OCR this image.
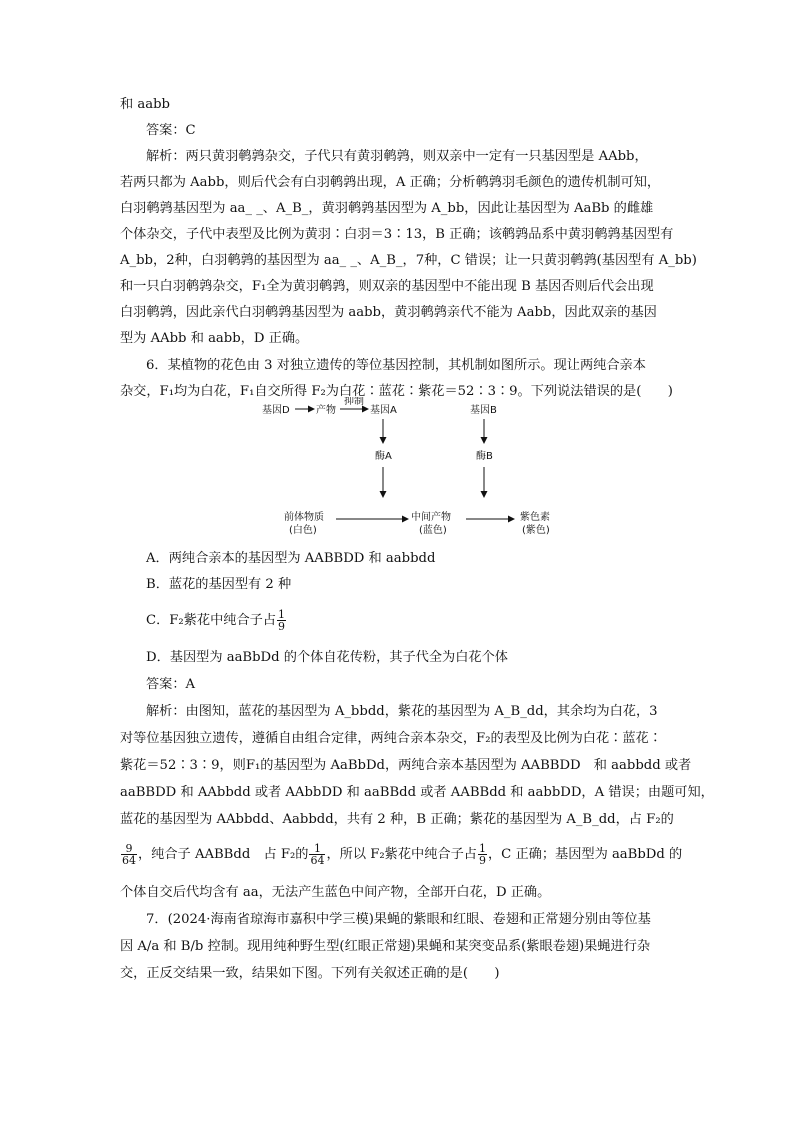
和 aabb
答案：C
解析：两只黄羽鹌鹑杂交，子代只有黄羽鹌鹑，则双亲中一定有一只基因型是 AAbb，
若两只都为 Aabb，则后代会有白羽鹌鹑出现，A 正确；分析鹌鹑羽毛颜色的遗传机制可知，
白羽鹌鹑基因型为 aa_ _、A_B_，黄羽鹌鹑基因型为 A_bb，因此让基因型为 AaBb 的雌雄
个体杂交，子代中表型及比例为黄羽∶白羽＝3∶13，B 正确；该鹌鹑品系中黄羽鹌鹑基因型有
A_bb，2种，白羽鹌鹑的基因型为 aa_ _、A_B_，7种，C 错误；让一只黄羽鹌鹑(基因型有 A_bb)
和一只白羽鹌鹑杂交，F₁全为黄羽鹌鹑，则双亲的基因型中不能出现 B 基因否则后代会出现
白羽鹌鹑，因此亲代白羽鹌鹑基因型为 aabb，黄羽鹌鹑亲代不能为 Aabb，因此双亲的基因
型为 AAbb 和 aabb，D 正确。
6．某植物的花色由 3 对独立遗传的等位基因控制，其机制如图所示。现让两纯合亲本
杂交，F₁均为白花，F₁自交所得 F₂为白花∶蓝花∶紫花＝52∶3∶9。下列说法错误的是(　　)
基因D	产物
抑制
基因A	基因B
酶A	酶B
前体物质
(白色)
中间产物
(蓝色)
紫色素
(紫色)
A．两纯合亲本的基因型为 AABBDD 和 aabbdd
B．蓝花的基因型有 2 种
C．F₂紫花中纯合子占 $\frac{1}{9}$
D．基因型为 aaBbDd 的个体自花传粉，其子代全为白花个体
答案：A
解析：由图知，蓝花的基因型为 A_bbdd，紫花的基因型为 A_B_dd，其余均为白花，3
对等位基因独立遗传，遵循自由组合定律，两纯合亲本杂交，F₂的表型及比例为白花∶蓝花∶
紫花＝52∶3∶9，则F₁的基因型为 AaBbDd，两纯合亲本基因型为 AABBDD　和 aabbdd 或者
aaBBDD 和 AAbbdd 或者 AAbbDD 和 aaBBdd 或者 AABBdd 和 aabbDD，A 错误；由题可知，
蓝花的基因型为 AAbbdd、Aabbdd，共有 2 种，B 正确；紫花的基因型为 A_B_dd，占 F₂的
$\frac{9}{64}$ ，纯合子 AABBdd　占 F₂的 $\frac{1}{64}$ ，所以 F₂紫花中纯合子占 $\frac{1}{9}$ ，C 正确；基因型为 aaBbDd 的
个体自交后代均含有 aa，无法产生蓝色中间产物，全部开白花，D 正确。
7．(2024·海南省琼海市嘉积中学三模)果蝇的紫眼和红眼、卷翅和正常翅分别由等位基
因 A/a 和 B/b 控制。现用纯种野生型(红眼正常翅)果蝇和某突变品系(紫眼卷翅)果蝇进行杂
交，正反交结果一致，结果如下图。下列有关叙述正确的是(　　)
